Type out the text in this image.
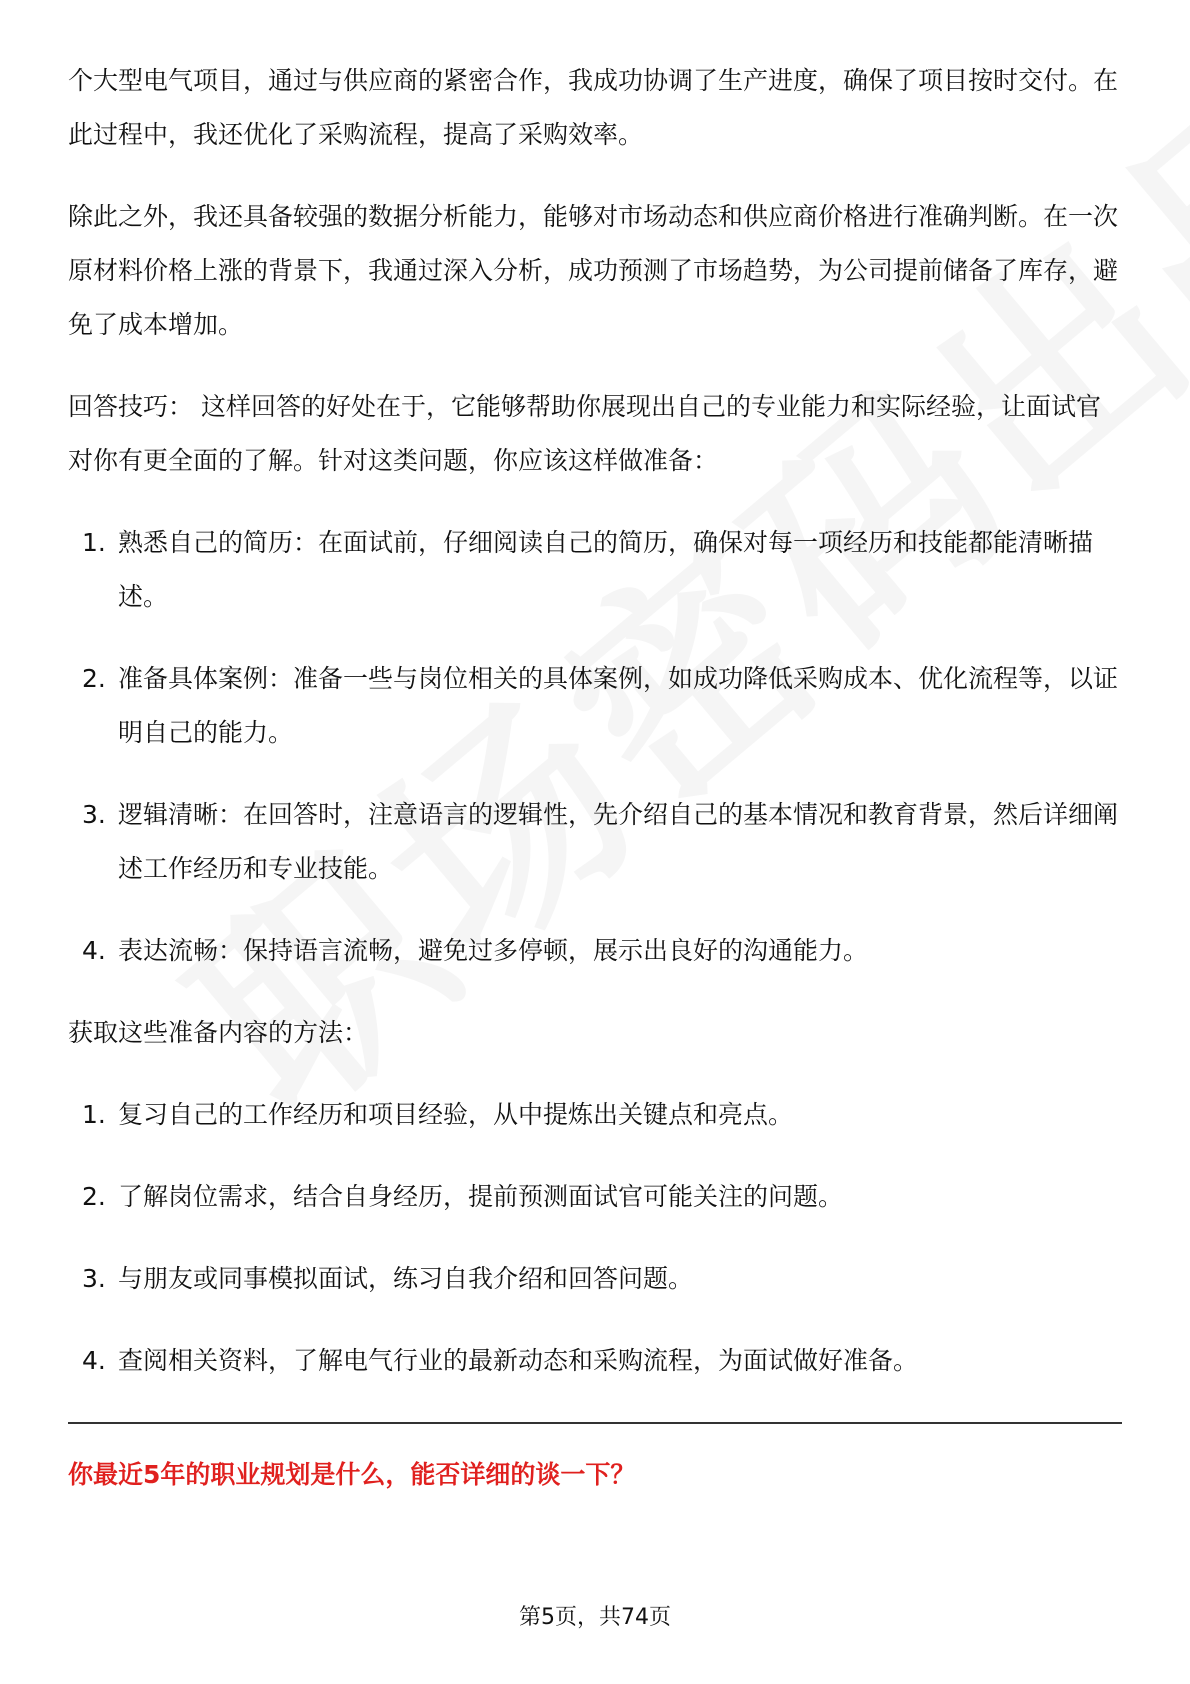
个大型电气项目，通过与供应商的紧密合作，我成功协调了生产进度，确保了项目按时交付。在此过程中，我还优化了采购流程，提高了采购效率。

除此之外，我还具备较强的数据分析能力，能够对市场动态和供应商价格进行准确判断。在一次原材料价格上涨的背景下，我通过深入分析，成功预测了市场趋势，为公司提前储备了库存，避免了成本增加。

回答技巧： 这样回答的好处在于，它能够帮助你展现出自己的专业能力和实际经验，让面试官对你有更全面的了解。针对这类问题，你应该这样做准备：

1. 熟悉自己的简历：在面试前，仔细阅读自己的简历，确保对每一项经历和技能都能清晰描述。
2. 准备具体案例：准备一些与岗位相关的具体案例，如成功降低采购成本、优化流程等，以证明自己的能力。
3. 逻辑清晰：在回答时，注意语言的逻辑性，先介绍自己的基本情况和教育背景，然后详细阐述工作经历和专业技能。
4. 表达流畅：保持语言流畅，避免过多停顿，展示出良好的沟通能力。

获取这些准备内容的方法：

1. 复习自己的工作经历和项目经验，从中提炼出关键点和亮点。
2. 了解岗位需求，结合自身经历，提前预测面试官可能关注的问题。
3. 与朋友或同事模拟面试，练习自我介绍和回答问题。
4. 查阅相关资料，了解电气行业的最新动态和采购流程，为面试做好准备。
你最近5年的职业规划是什么，能否详细的谈一下？
第5页，共74页
